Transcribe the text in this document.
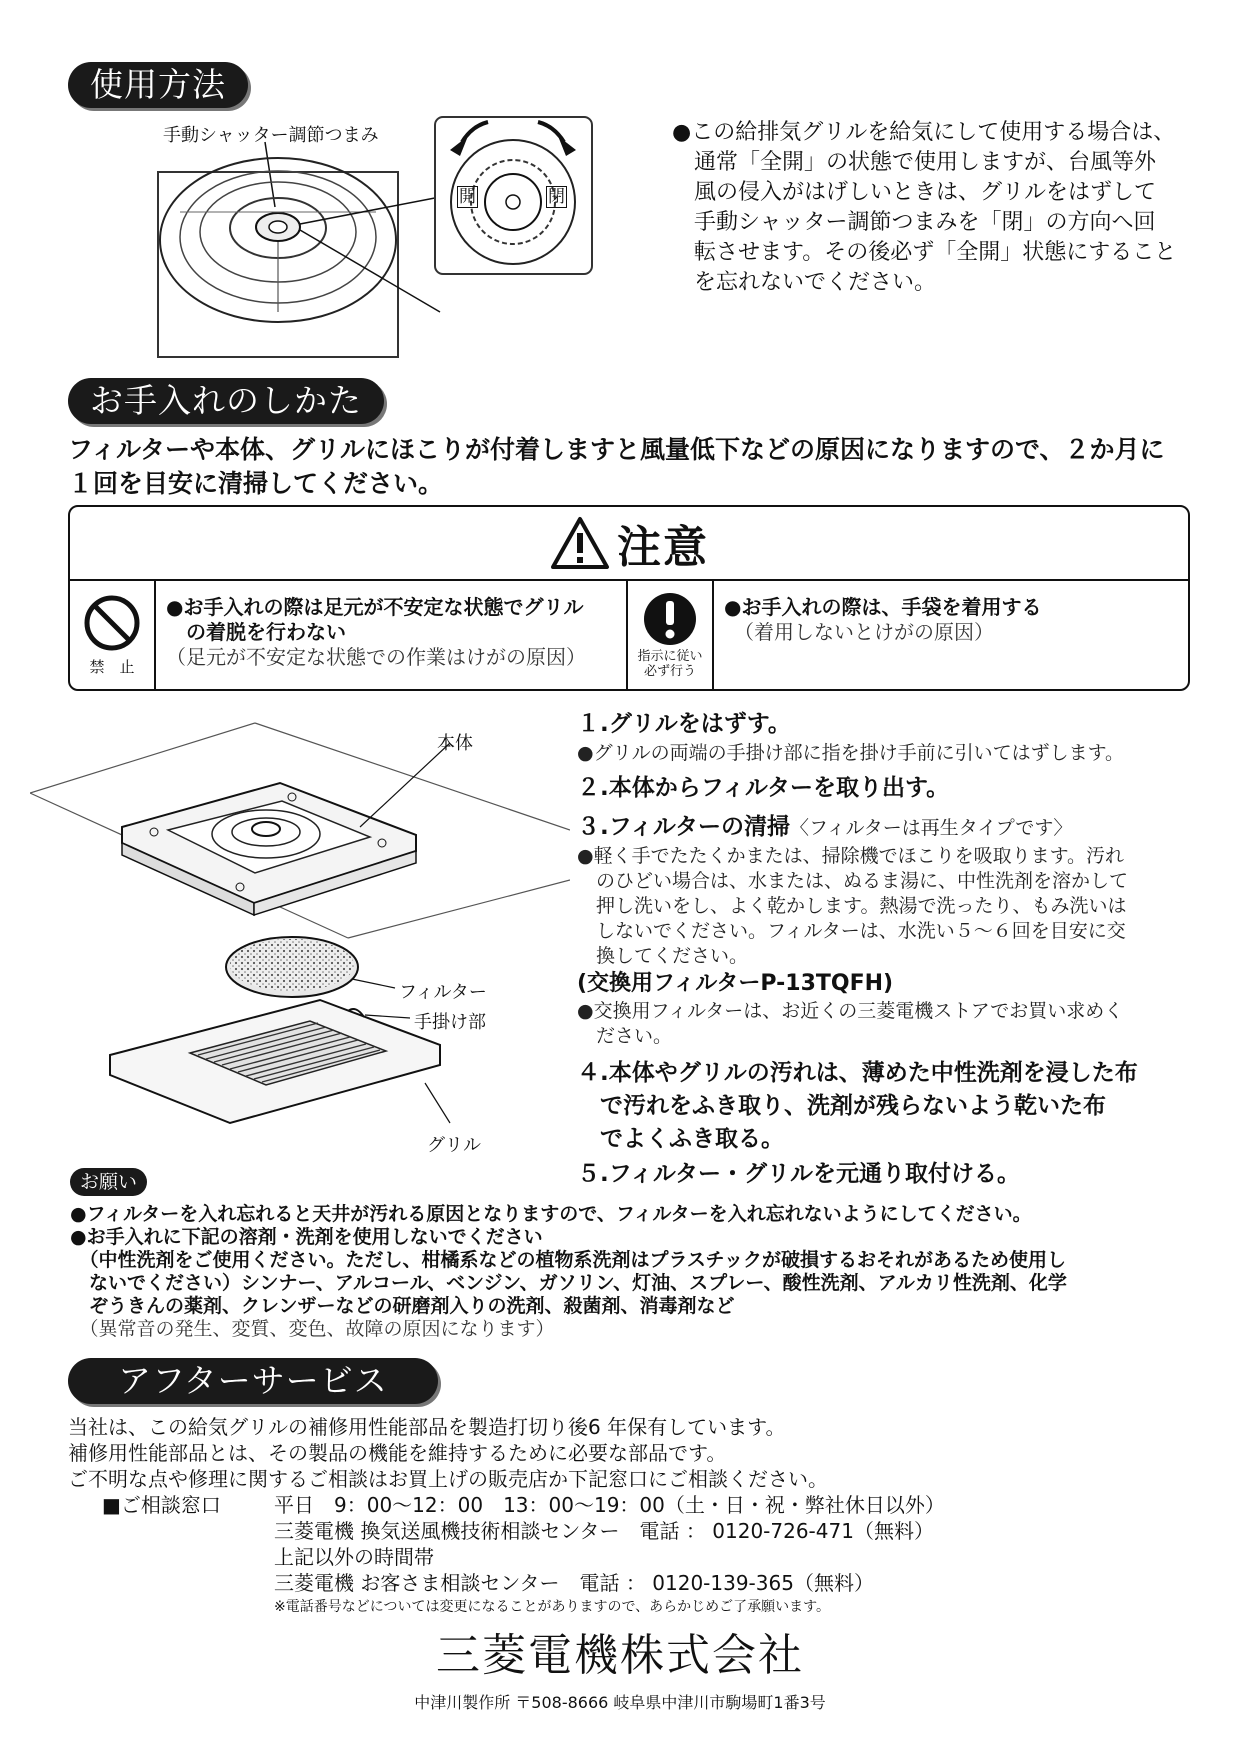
使用方法
手動シャッター調節つまみ
開	閉
●この給排気グリルを給気にして使用する場合は、
通常「全開」の状態で使用しますが、台風等外
風の侵入がはげしいときは、グリルをはずして
手動シャッター調節つまみを「閉」の方向へ回
転させます。その後必ず「全開」状態にすること
を忘れないでください。
お手入れのしかた
フィルターや本体、グリルにほこりが付着しますと風量低下などの原因になりますので、２か月に
１回を目安に清掃してください。
注意
禁　止
●お手入れの際は足元が不安定な状態でグリル
　の着脱を行わない
（足元が不安定な状態での作業はけがの原因）	指示に従い
必ず行う
●お手入れの際は、手袋を着用する
　（着用しないとけがの原因）
本体
フィルター
手掛け部
グリル
１.グリルをはずす。
●グリルの両端の手掛け部に指を掛け手前に引いてはずします。
２.本体からフィルターを取り出す。
３.フィルターの清掃〈フィルターは再生タイプです〉
●軽く手でたたくかまたは、掃除機でほこりを吸取ります。汚れ
　のひどい場合は、水または、ぬるま湯に、中性洗剤を溶かして
　押し洗いをし、よく乾かします。熱湯で洗ったり、もみ洗いは
　しないでください。フィルターは、水洗い５～６回を目安に交
　換してください。
(交換用フィルターP-13TQFH)
●交換用フィルターは、お近くの三菱電機ストアでお買い求めく
　ださい。
４.本体やグリルの汚れは、薄めた中性洗剤を浸した布
　で汚れをふき取り、洗剤が残らないよう乾いた布
　でよくふき取る。
５.フィルター・グリルを元通り取付ける。
お願い
●フィルターを入れ忘れると天井が汚れる原因となりますので、フィルターを入れ忘れないようにしてください。
●お手入れに下記の溶剤・洗剤を使用しないでください
　（中性洗剤をご使用ください。ただし、柑橘系などの植物系洗剤はプラスチックが破損するおそれがあるため使用し
　ないでください）シンナー、アルコール、ベンジン、ガソリン、灯油、スプレー、酸性洗剤、アルカリ性洗剤、化学
　ぞうきんの薬剤、クレンザーなどの研磨剤入りの洗剤、殺菌剤、消毒剤など
　（異常音の発生、変質、変色、故障の原因になります）
アフターサービス
当社は、この給気グリルの補修用性能部品を製造打切り後6 年保有しています。
補修用性能部品とは、その製品の機能を維持するために必要な部品です。
ご不明な点や修理に関するご相談はお買上げの販売店か下記窓口にご相談ください。
■ご相談窓口	平日　9：00～12：00　13：00～19：00（土・日・祝・弊社休日以外）
三菱電機 換気送風機技術相談センター　電話 ： 0120-726-471（無料）
上記以外の時間帯
三菱電機 お客さま相談センター　電話 ： 0120-139-365（無料）
※電話番号などについては変更になることがありますので、あらかじめご了承願います。
三菱電機株式会社
中津川製作所 〒508-8666 岐阜県中津川市駒場町1番3号
